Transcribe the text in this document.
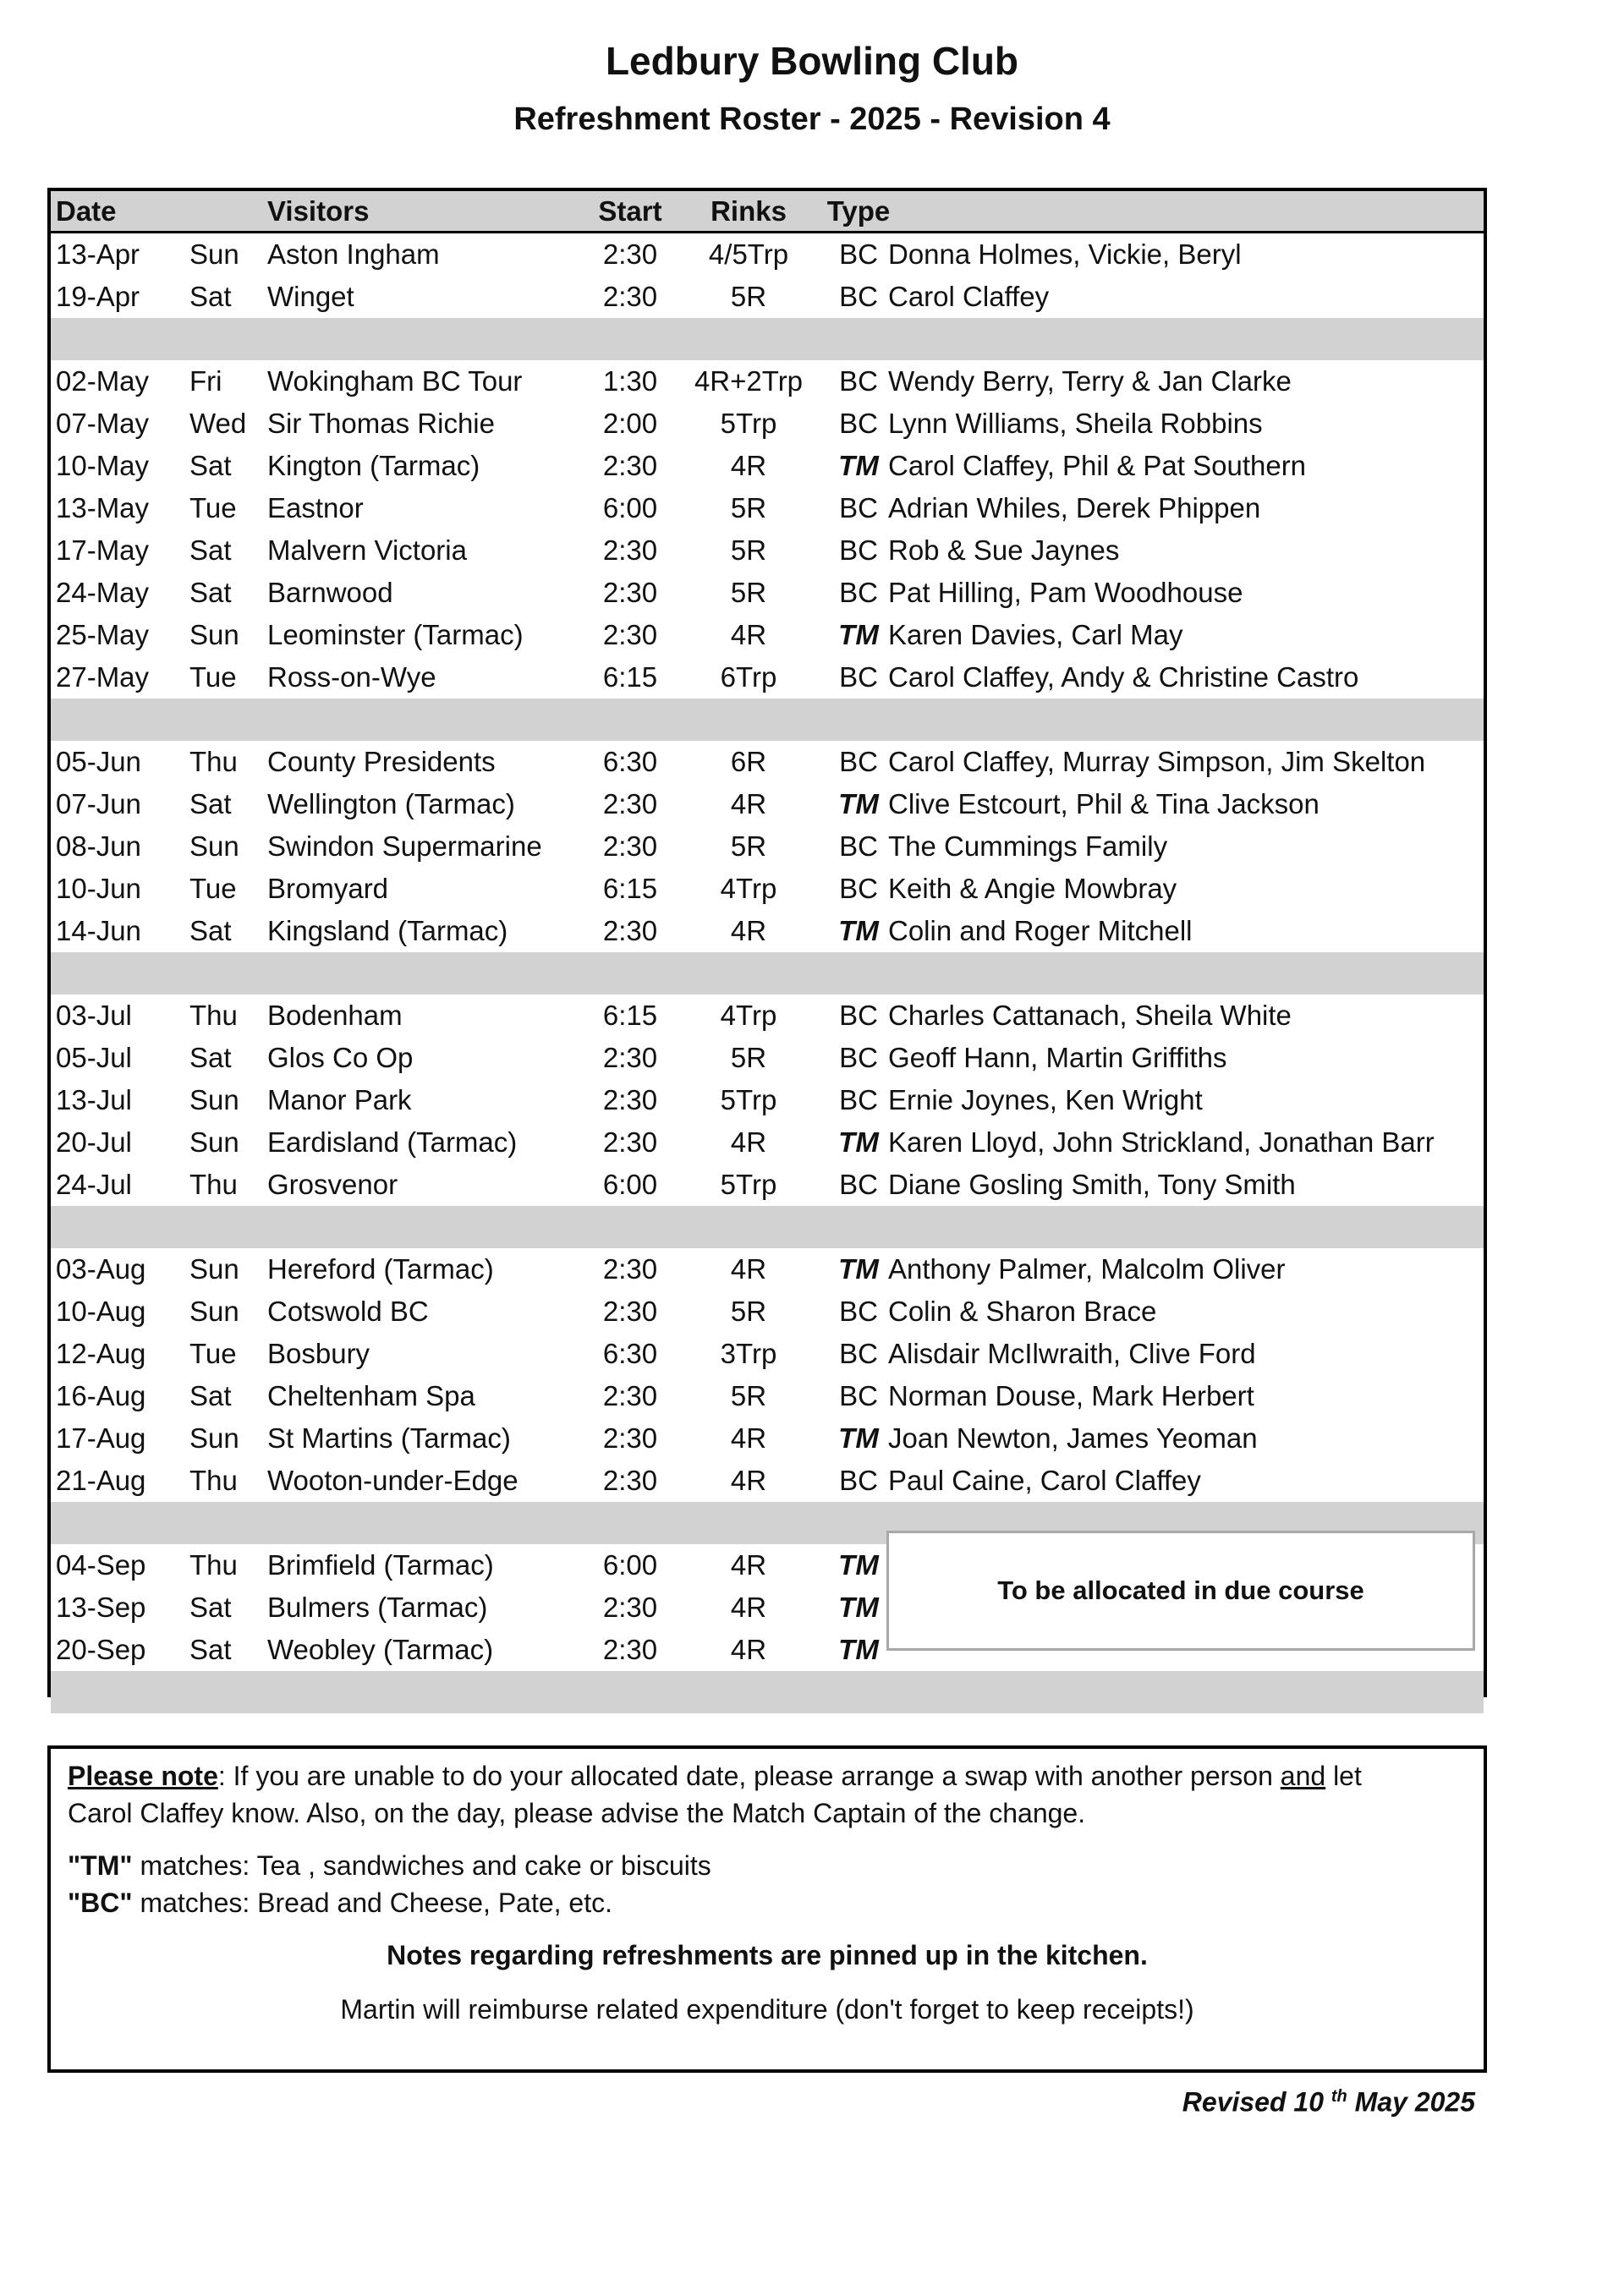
Ledbury Bowling Club
Refreshment Roster - 2025 - Revision 4
Date	Visitors	Start	Rinks	Type
13-Apr Sun Aston Ingham	2:30	4/5Trp	BC Donna Holmes, Vickie, Beryl
19-Apr Sat Winget	2:30	5R	BC Carol Claffey
02-May Fri Wokingham BC Tour	1:30	4R+2Trp	BC Wendy Berry, Terry & Jan Clarke
07-May Wed Sir Thomas Richie	2:00	5Trp	BC Lynn Williams, Sheila Robbins
10-May Sat Kington (Tarmac)	2:30	4R	TM Carol Claffey, Phil & Pat Southern
13-May Tue Eastnor	6:00	5R	BC Adrian Whiles, Derek Phippen
17-May Sat Malvern Victoria	2:30	5R	BC Rob & Sue Jaynes
24-May Sat Barnwood	2:30	5R	BC Pat Hilling, Pam Woodhouse
25-May Sun Leominster (Tarmac)	2:30	4R	TM Karen Davies, Carl May
27-May Tue Ross-on-Wye	6:15	6Trp	BC Carol Claffey, Andy & Christine Castro
05-Jun Thu County Presidents	6:30	6R	BC Carol Claffey, Murray Simpson, Jim Skelton
07-Jun Sat Wellington (Tarmac)	2:30	4R	TM Clive Estcourt, Phil & Tina Jackson
08-Jun Sun Swindon Supermarine	2:30	5R	BC The Cummings Family
10-Jun Tue Bromyard	6:15	4Trp	BC Keith & Angie Mowbray
14-Jun Sat Kingsland (Tarmac)	2:30	4R	TM Colin and Roger Mitchell
03-Jul Thu Bodenham	6:15	4Trp	BC Charles Cattanach, Sheila White
05-Jul Sat Glos Co Op	2:30	5R	BC Geoff Hann, Martin Griffiths
13-Jul Sun Manor Park	2:30	5Trp	BC Ernie Joynes, Ken Wright
20-Jul Sun Eardisland (Tarmac)	2:30	4R	TM Karen Lloyd, John Strickland, Jonathan Barr
24-Jul Thu Grosvenor	6:00	5Trp	BC Diane Gosling Smith, Tony Smith
03-Aug Sun Hereford (Tarmac)	2:30	4R	TM Anthony Palmer, Malcolm Oliver
10-Aug Sun Cotswold BC	2:30	5R	BC Colin & Sharon Brace
12-Aug Tue Bosbury	6:30	3Trp	BC Alisdair McIlwraith, Clive Ford
16-Aug Sat Cheltenham Spa	2:30	5R	BC Norman Douse, Mark Herbert
17-Aug Sun St Martins (Tarmac)	2:30	4R	TM Joan Newton, James Yeoman
21-Aug Thu Wooton-under-Edge	2:30	4R	BC Paul Caine, Carol Claffey
04-Sep Thu Brimfield (Tarmac)	6:00	4R	TM
13-Sep Sat Bulmers (Tarmac)	2:30	4R	TM
20-Sep Sat Weobley (Tarmac)	2:30	4R	TM
To be allocated in due course
Please note: If you are unable to do your allocated date, please arrange a swap with another person and let
Carol Claffey know. Also, on the day, please advise the Match Captain of the change.
"TM" matches: Tea , sandwiches and cake or biscuits
"BC" matches: Bread and Cheese, Pate, etc.
Notes regarding refreshments are pinned up in the kitchen.
Martin will reimburse related expenditure (don't forget to keep receipts!)
Revised 10 $^{th}$ May 2025
